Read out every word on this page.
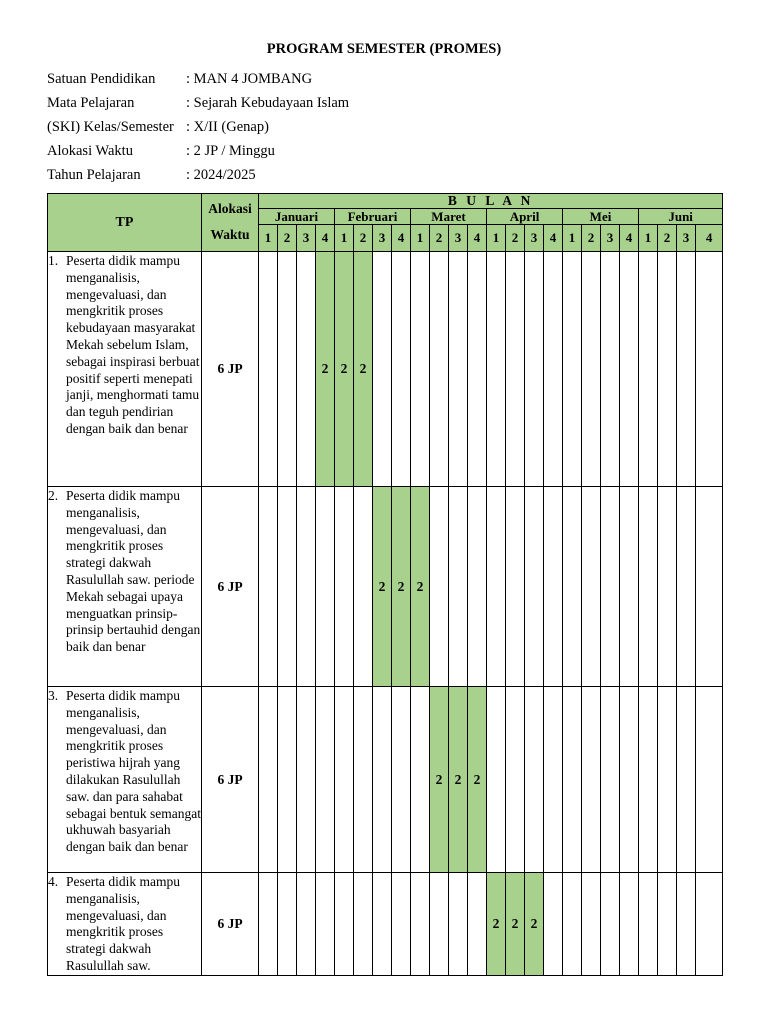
PROGRAM SEMESTER (PROMES)
Satuan Pendidikan : MAN 4 JOMBANG
Mata Pelajaran	: Sejarah Kebudayaan Islam
(SKI) Kelas/Semester : X/II (Genap)
Alokasi Waktu	: 2 JP / Minggu
Tahun Pelajaran	: 2024/2025
TP	Alokasi
Waktu	B U L A N																							
		Januari				Februari				Maret				April				Mei				Juni			
		1	2	3	4	1	2	3	4	1	2	3	4	1	2	3	4	1	2	3	4	1	2	3	4

1. Peserta didik mampu menganalisis, mengevaluasi, dan mengkritik proses kebudayaan masyarakat Mekah sebelum Islam, sebagai inspirasi berbuat positif seperti menepati janji, menghormati tamu dan teguh pendirian dengan baik dan benar	6 JP				2	2	2																		

2. Peserta didik mampu menganalisis, mengevaluasi, dan mengkritik proses strategi dakwah Rasulullah saw. periode Mekah sebagai upaya menguatkan prinsip-prinsip bertauhid dengan baik dan benar	6 JP							2	2	2															

3. Peserta didik mampu menganalisis, mengevaluasi, dan mengkritik proses peristiwa hijrah yang dilakukan Rasulullah saw. dan para sahabat sebagai bentuk semangat ukhuwah basyariah dengan baik dan benar	6 JP										2	2	2												

4. Peserta didik mampu menganalisis, mengevaluasi, dan mengkritik proses strategi dakwah Rasulullah saw.	6 JP													2	2	2									
